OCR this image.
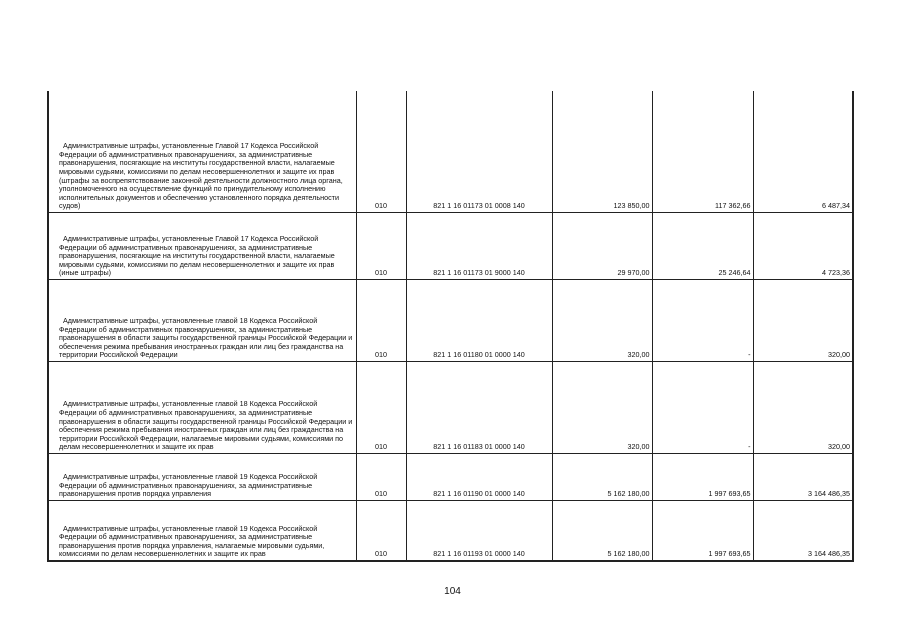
Административные штрафы, установленные Главой 17 Кодекса Российской Федерации об административных правонарушениях, за административные правонарушения, посягающие на институты государственной власти, налагаемые мировыми судьями, комиссиями по делам несовершеннолетних и защите их прав (штрафы за воспрепятствование законной деятельности должностного лица органа, уполномоченного на осуществление функций по принудительному исполнению исполнительных документов и обеспечению установленного порядка деятельности судов)	010	821 1 16 01173 01 0008 140	123 850,00	117 362,66	6 487,34

Административные штрафы, установленные Главой 17 Кодекса Российской Федерации об административных правонарушениях, за административные правонарушения, посягающие на институты государственной власти, налагаемые мировыми судьями, комиссиями по делам несовершеннолетних и защите их прав (иные штрафы)	010	821 1 16 01173 01 9000 140	29 970,00	25 246,64	4 723,36

Административные штрафы, установленные главой 18 Кодекса Российской Федерации об административных правонарушениях, за административные правонарушения в области защиты государственной границы Российской Федерации и обеспечения режима пребывания иностранных граждан или лиц без гражданства на территории Российской Федерации	010	821 1 16 01180 01 0000 140	320,00	-	320,00

Административные штрафы, установленные главой 18 Кодекса Российской Федерации об административных правонарушениях, за административные правонарушения в области защиты государственной границы Российской Федерации и обеспечения режима пребывания иностранных граждан или лиц без гражданства на территории Российской Федерации, налагаемые мировыми судьями, комиссиями по делам несовершеннолетних и защите их прав	010	821 1 16 01183 01 0000 140	320,00	-	320,00

Административные штрафы, установленные главой 19 Кодекса Российской Федерации об административных правонарушениях, за административные правонарушения против порядка управления	010	821 1 16 01190 01 0000 140	5 162 180,00	1 997 693,65	3 164 486,35

Административные штрафы, установленные главой 19 Кодекса Российской Федерации об административных правонарушениях, за административные правонарушения против порядка управления, налагаемые мировыми судьями, комиссиями по делам несовершеннолетних и защите их прав	010	821 1 16 01193 01 0000 140	5 162 180,00	1 997 693,65	3 164 486,35
104
